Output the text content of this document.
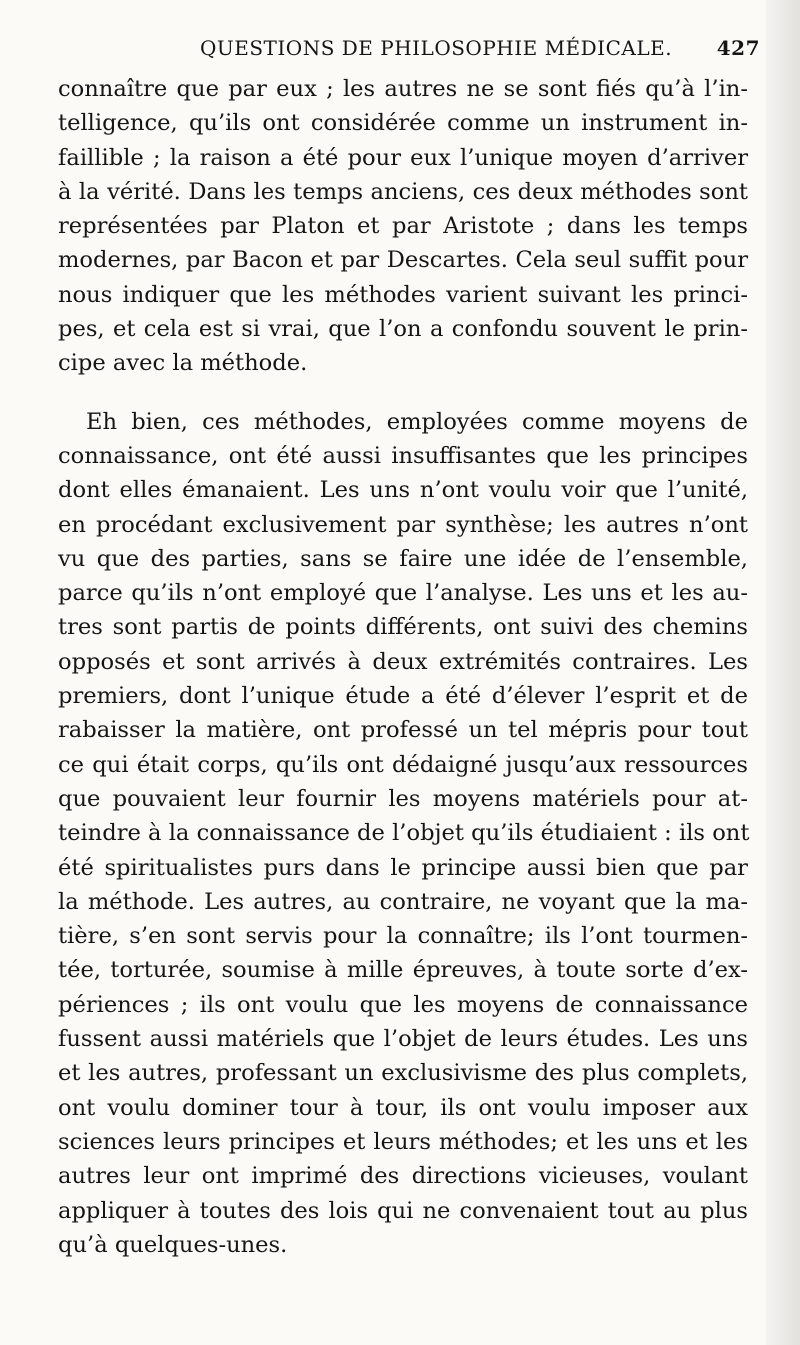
QUESTIONS DE PHILOSOPHIE MÉDICALE. 427
connaître que par eux ; les autres ne se sont fiés qu’à l’in-
telligence, qu’ils ont considérée comme un instrument in-
faillible ; la raison a été pour eux l’unique moyen d’arriver
à la vérité. Dans les temps anciens, ces deux méthodes sont
représentées par Platon et par Aristote ; dans les temps
modernes, par Bacon et par Descartes. Cela seul suffit pour
nous indiquer que les méthodes varient suivant les princi-
pes, et cela est si vrai, que l’on a confondu souvent le prin-
cipe avec la méthode.
Eh bien, ces méthodes, employées comme moyens de
connaissance, ont été aussi insuffisantes que les principes
dont elles émanaient. Les uns n’ont voulu voir que l’unité,
en procédant exclusivement par synthèse; les autres n’ont
vu que des parties, sans se faire une idée de l’ensemble,
parce qu’ils n’ont employé que l’analyse. Les uns et les au-
tres sont partis de points différents, ont suivi des chemins
opposés et sont arrivés à deux extrémités contraires. Les
premiers, dont l’unique étude a été d’élever l’esprit et de
rabaisser la matière, ont professé un tel mépris pour tout
ce qui était corps, qu’ils ont dédaigné jusqu’aux ressources
que pouvaient leur fournir les moyens matériels pour at-
teindre à la connaissance de l’objet qu’ils étudiaient : ils ont
été spiritualistes purs dans le principe aussi bien que par
la méthode. Les autres, au contraire, ne voyant que la ma-
tière, s’en sont servis pour la connaître; ils l’ont tourmen-
tée, torturée, soumise à mille épreuves, à toute sorte d’ex-
périences ; ils ont voulu que les moyens de connaissance
fussent aussi matériels que l’objet de leurs études. Les uns
et les autres, professant un exclusivisme des plus complets,
ont voulu dominer tour à tour, ils ont voulu imposer aux
sciences leurs principes et leurs méthodes; et les uns et les
autres leur ont imprimé des directions vicieuses, voulant
appliquer à toutes des lois qui ne convenaient tout au plus
qu’à quelques-unes.
